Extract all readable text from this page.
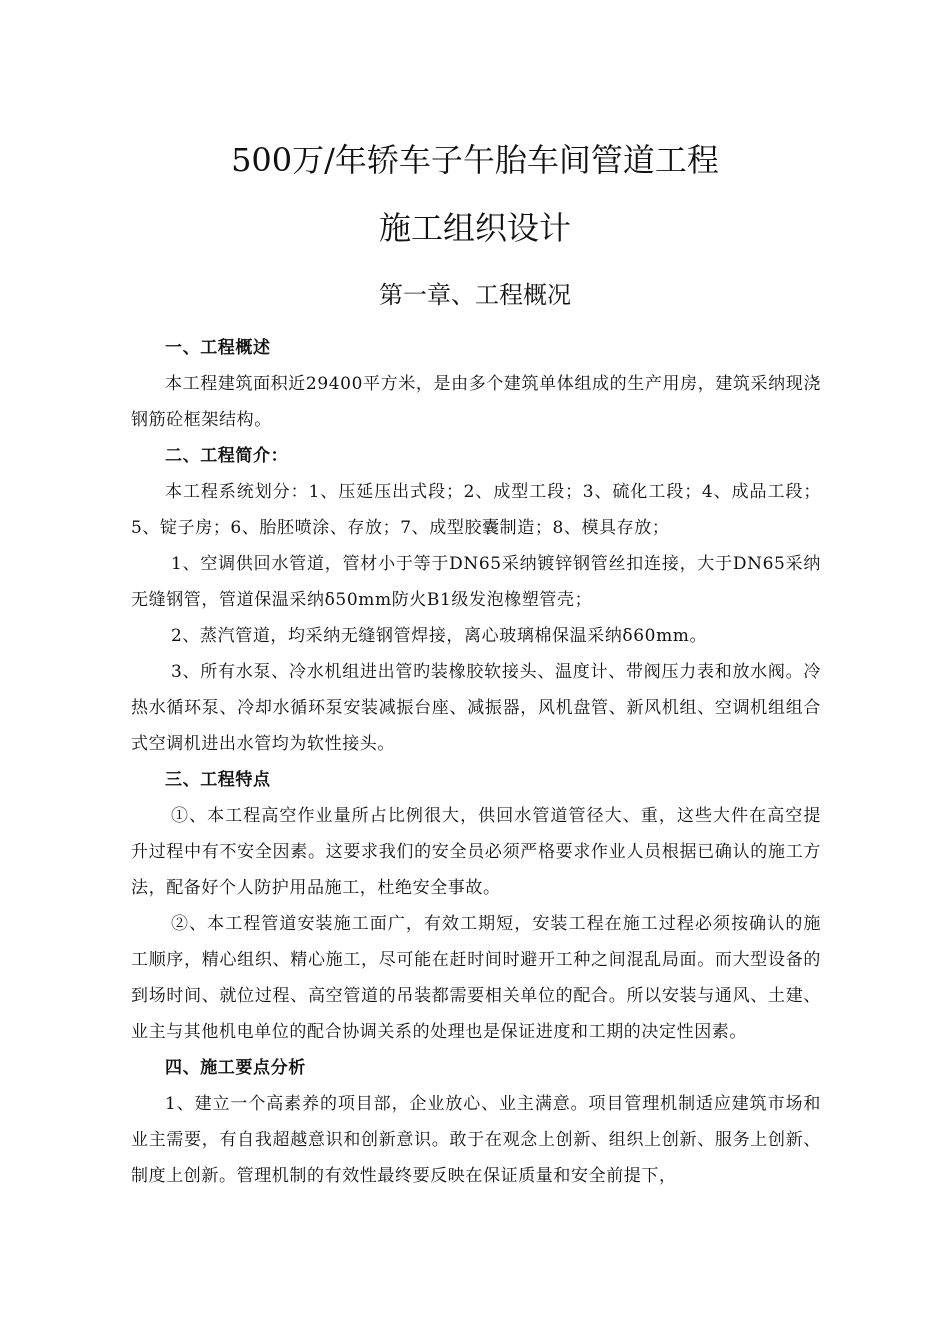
500万/年轿车子午胎车间管道工程
施工组织设计
第一章、工程概况

一、工程概述

本工程建筑面积近29400平方米，是由多个建筑单体组成的生产用房，建筑采纳现浇钢筋砼框架结构。

二、工程简介：

本工程系统划分：1、压延压出式段；2、成型工段；3、硫化工段；4、成品工段；5、锭子房；6、胎胚喷涂、存放；7、成型胶囊制造；8、模具存放；

1、空调供回水管道，管材小于等于DN65采纳镀锌钢管丝扣连接，大于DN65采纳无缝钢管，管道保温采纳δ50mm防火B1级发泡橡塑管壳；

2、蒸汽管道，均采纳无缝钢管焊接，离心玻璃棉保温采纳δ60mm。

3、所有水泵、冷水机组进出管旳装橡胶软接头、温度计、带阀压力表和放水阀。冷热水循环泵、冷却水循环泵安装减振台座、减振器，风机盘管、新风机组、空调机组组合式空调机进出水管均为软性接头。

三、工程特点

①、本工程高空作业量所占比例很大，供回水管道管径大、重，这些大件在高空提升过程中有不安全因素。这要求我们的安全员必须严格要求作业人员根据已确认的施工方法，配备好个人防护用品施工，杜绝安全事故。

②、本工程管道安装施工面广，有效工期短，安装工程在施工过程必须按确认的施工顺序，精心组织、精心施工，尽可能在赶时间时避开工种之间混乱局面。而大型设备的到场时间、就位过程、高空管道的吊装都需要相关单位的配合。所以安装与通风、土建、业主与其他机电单位的配合协调关系的处理也是保证进度和工期的决定性因素。

四、施工要点分析

1、建立一个高素养的项目部，企业放心、业主满意。项目管理机制适应建筑市场和业主需要，有自我超越意识和创新意识。敢于在观念上创新、组织上创新、服务上创新、制度上创新。管理机制的有效性最终要反映在保证质量和安全前提下，
